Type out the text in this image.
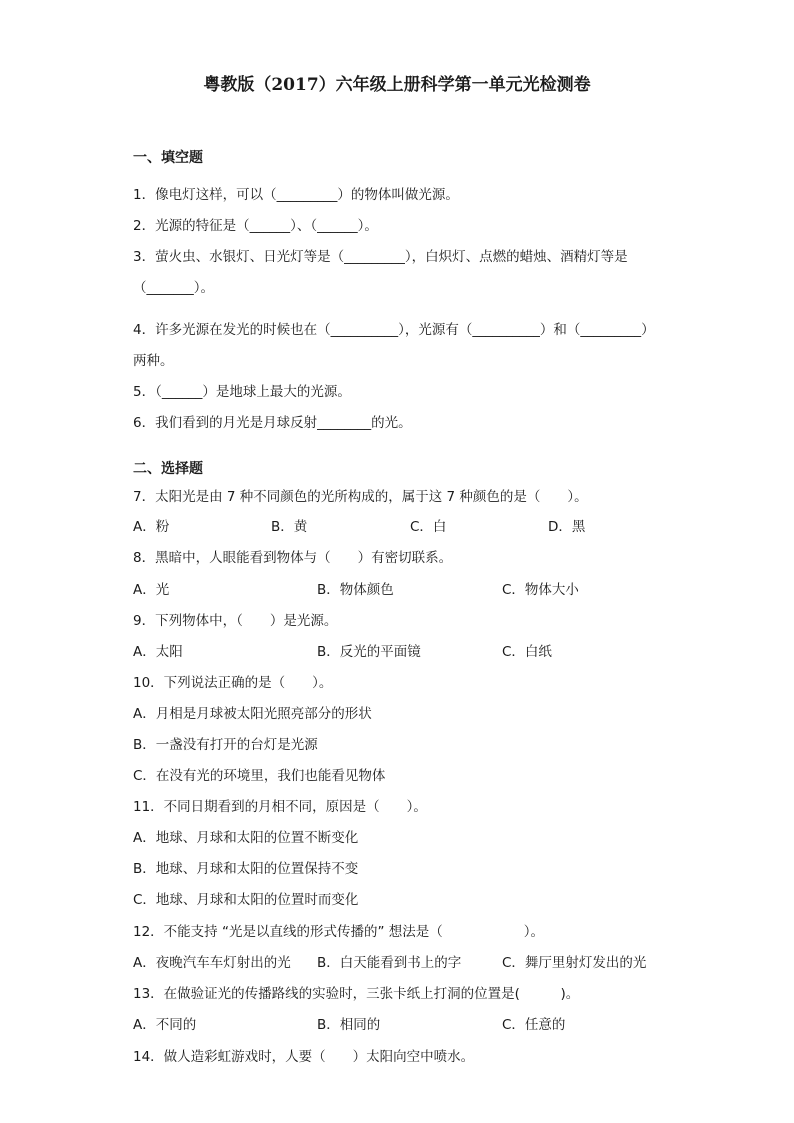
粤教版（2017）六年级上册科学第一单元光检测卷
一、填空题
1．像电灯这样，可以（_________）的物体叫做光源。
2．光源的特征是（______）、（______）。
3．萤火虫、水银灯、日光灯等是（_________），白炽灯、点燃的蜡烛、酒精灯等是
（_______）。
4．许多光源在发光的时候也在（__________），光源有（__________）和（_________）
两种。
5．（______）是地球上最大的光源。
6．我们看到的月光是月球反射________的光。
二、选择题
7．太阳光是由 7 种不同颜色的光所构成的，属于这 7 种颜色的是（　　）。
A．粉	B．黄	C．白	D．黑
8．黑暗中，人眼能看到物体与（　　）有密切联系。
A．光	B．物体颜色	C．物体大小
9．下列物体中，（　　）是光源。
A．太阳	B．反光的平面镜	C．白纸
10．下列说法正确的是（　　）。
A．月相是月球被太阳光照亮部分的形状
B．一盏没有打开的台灯是光源
C．在没有光的环境里，我们也能看见物体
11．不同日期看到的月相不同，原因是（　　）。
A．地球、月球和太阳的位置不断变化
B．地球、月球和太阳的位置保持不变
C．地球、月球和太阳的位置时而变化
12．不能支持 “光是以直线的形式传播的” 想法是（　　　　　　）。
A．夜晚汽车车灯射出的光 B．白天能看到书上的字	C．舞厅里射灯发出的光
13．在做验证光的传播路线的实验时，三张卡纸上打洞的位置是(　　　)。
A．不同的	B．相同的	C．任意的
14．做人造彩虹游戏时，人要（　　）太阳向空中喷水。
